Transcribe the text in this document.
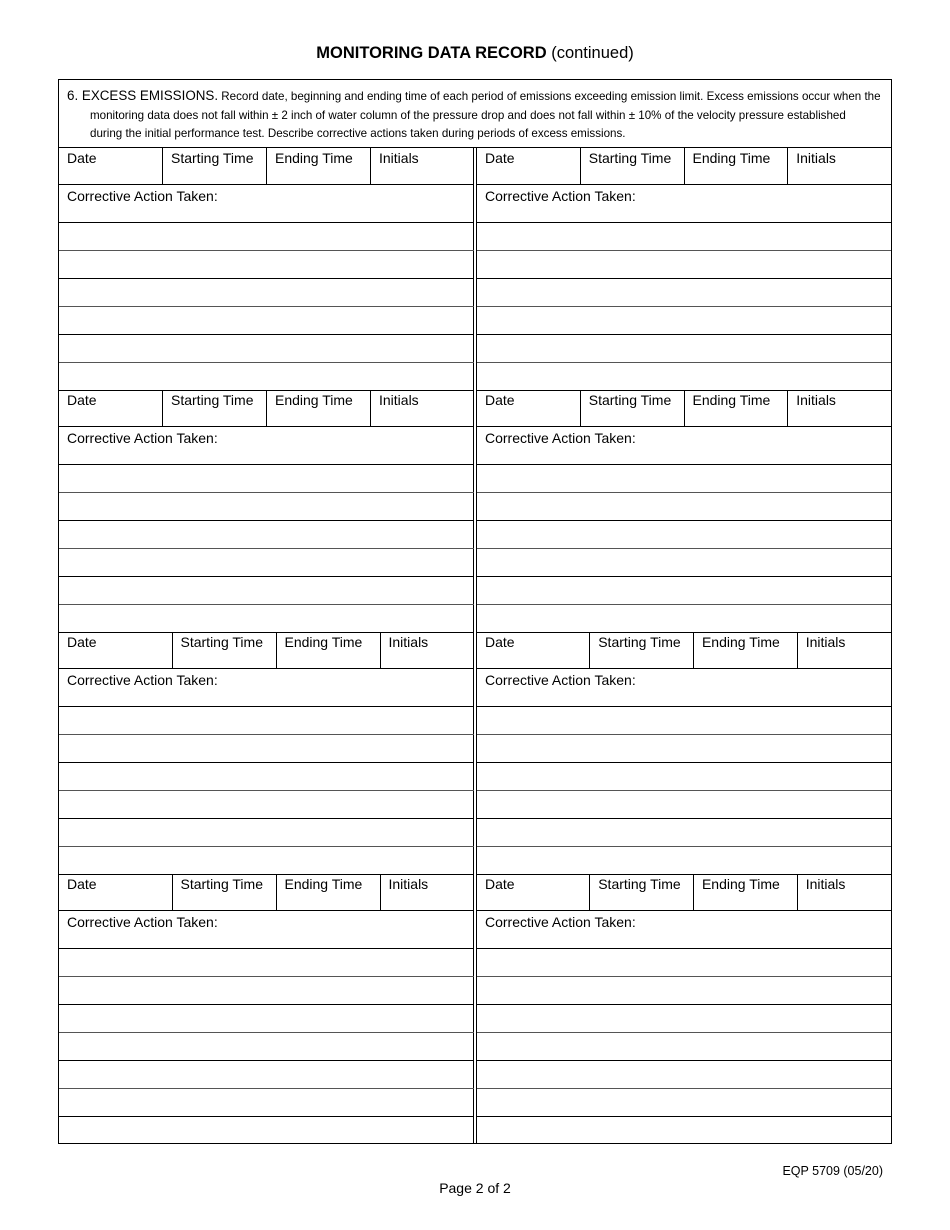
MONITORING DATA RECORD (continued)

6. EXCESS EMISSIONS. Record date, beginning and ending time of each period of emissions exceeding emission limit. Excess emissions occur when the monitoring data does not fall within ± 2 inch of water column of the pressure drop and does not fall within ± 10% of the velocity pressure established during the initial performance test. Describe corrective actions taken during periods of excess emissions.

Date	Starting Time	Ending Time	Initials
Corrective Action Taken:
Date	Starting Time	Ending Time	Initials
Corrective Action Taken:
Date	Starting Time	Ending Time	Initials
Corrective Action Taken:
Date	Starting Time	Ending Time	Initials
Corrective Action Taken:
Date	Starting Time	Ending Time	Initials
Corrective Action Taken:
Date	Starting Time	Ending Time	Initials
Corrective Action Taken:
Date	Starting Time	Ending Time	Initials
Corrective Action Taken:
Date	Starting Time	Ending Time	Initials
Corrective Action Taken:
EQP 5709 (05/20)
Page 2 of 2
